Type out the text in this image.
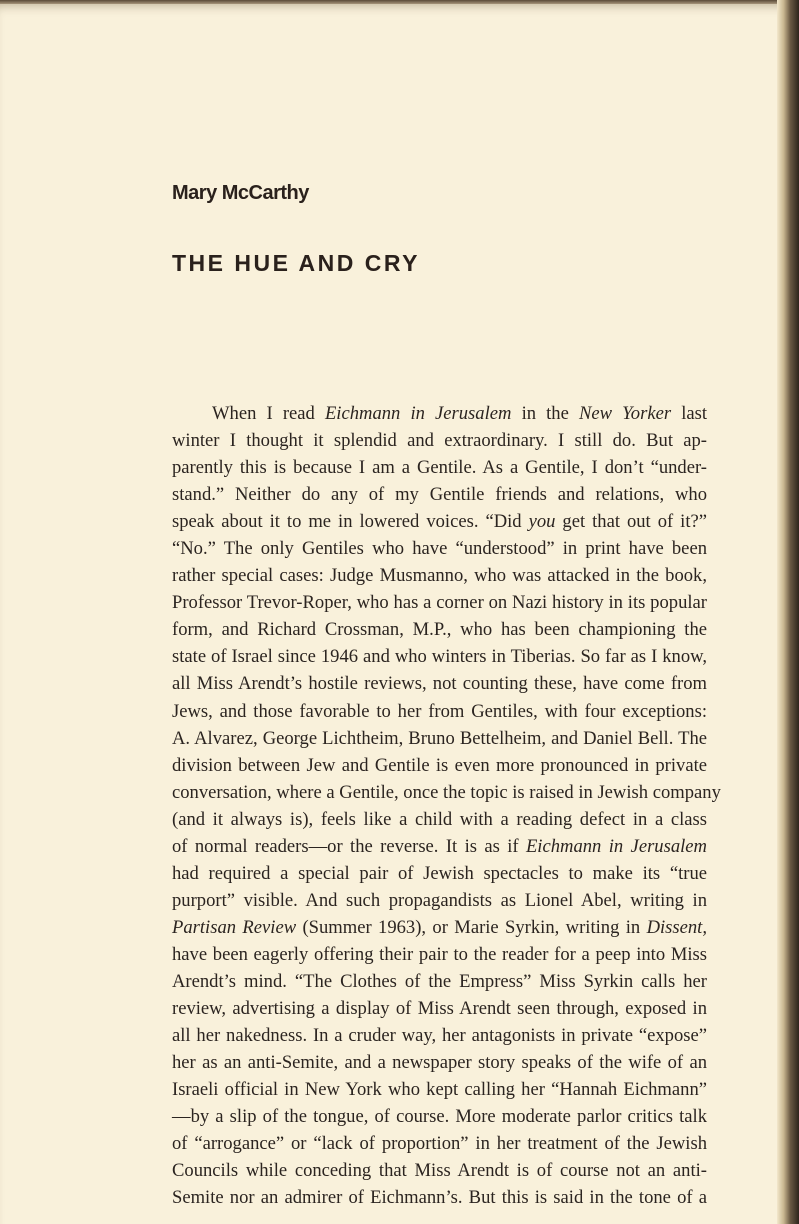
Mary McCarthy
THE HUE AND CRY
When I read Eichmann in Jerusalem in the New Yorker last
winter I thought it splendid and extraordinary. I still do. But ap-
parently this is because I am a Gentile. As a Gentile, I don’t “under-
stand.” Neither do any of my Gentile friends and relations, who
speak about it to me in lowered voices. “Did you get that out of it?”
“No.” The only Gentiles who have “understood” in print have been
rather special cases: Judge Musmanno, who was attacked in the book,
Professor Trevor-Roper, who has a corner on Nazi history in its popular
form, and Richard Crossman, M.P., who has been championing the
state of Israel since 1946 and who winters in Tiberias. So far as I know,
all Miss Arendt’s hostile reviews, not counting these, have come from
Jews, and those favorable to her from Gentiles, with four exceptions:
A. Alvarez, George Lichtheim, Bruno Bettelheim, and Daniel Bell. The
division between Jew and Gentile is even more pronounced in private
conversation, where a Gentile, once the topic is raised in Jewish company
(and it always is), feels like a child with a reading defect in a class
of normal readers—or the reverse. It is as if Eichmann in Jerusalem
had required a special pair of Jewish spectacles to make its “true
purport” visible. And such propagandists as Lionel Abel, writing in
Partisan Review (Summer 1963), or Marie Syrkin, writing in Dissent,
have been eagerly offering their pair to the reader for a peep into Miss
Arendt’s mind. “The Clothes of the Empress” Miss Syrkin calls her
review, advertising a display of Miss Arendt seen through, exposed in
all her nakedness. In a cruder way, her antagonists in private “expose”
her as an anti-Semite, and a newspaper story speaks of the wife of an
Israeli official in New York who kept calling her “Hannah Eichmann”
—by a slip of the tongue, of course. More moderate parlor critics talk
of “arrogance” or “lack of proportion” in her treatment of the Jewish
Councils while conceding that Miss Arendt is of course not an anti-
Semite nor an admirer of Eichmann’s. But this is said in the tone of a
